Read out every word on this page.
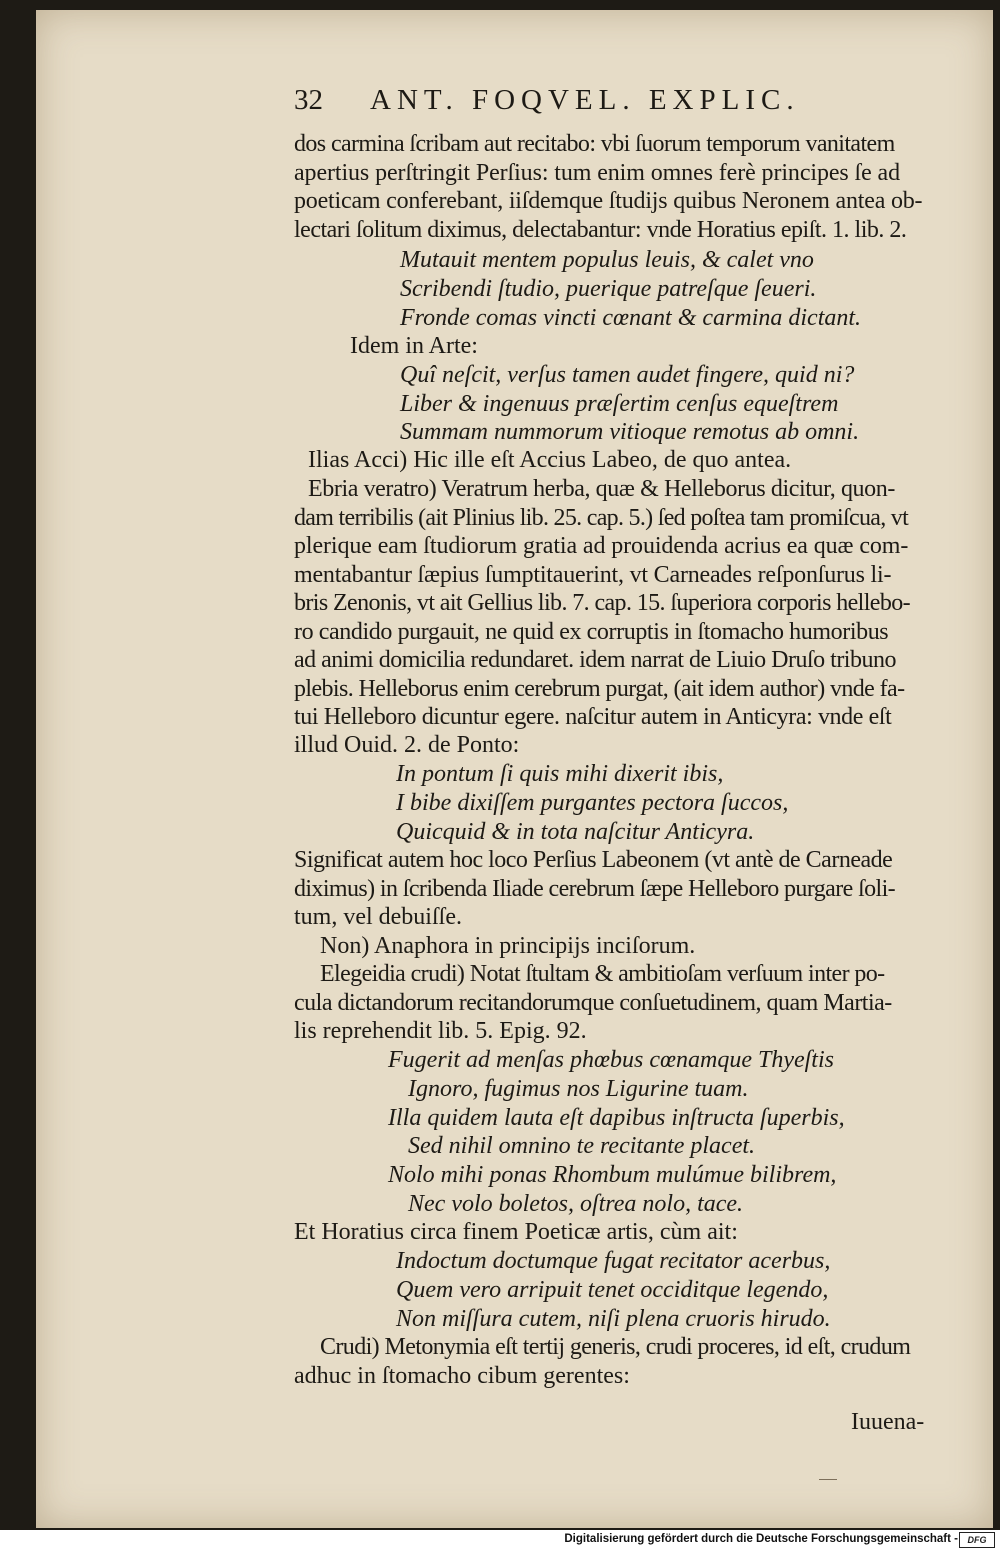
32 ANT. FOQVEL. EXPLIC.
dos carmina ſcribam aut recitabo: vbi ſuorum temporum vanitatem
apertius perſtringit Perſius: tum enim omnes ferè principes ſe ad
poeticam conferebant, iiſdemque ſtudijs quibus Neronem antea ob-
lectari ſolitum diximus, delectabantur: vnde Horatius epiſt. 1. lib. 2.
Mutauit mentem populus leuis, & calet vno
Scribendi ſtudio, puerique patreſque ſeueri.
Fronde comas vincti cœnant & carmina dictant.
Idem in Arte:
Quî neſcit, verſus tamen audet fingere, quid ni?
Liber & ingenuus præſertim cenſus equeſtrem
Summam nummorum vitioque remotus ab omni.
Ilias Acci) Hic ille eſt Accius Labeo, de quo antea.
Ebria veratro) Veratrum herba, quæ & Helleborus dicitur, quon-
dam terribilis (ait Plinius lib. 25. cap. 5.) ſed poſtea tam promiſcua, vt
plerique eam ſtudiorum gratia ad prouidenda acrius ea quæ com-
mentabantur ſæpius ſumptitauerint, vt Carneades reſponſurus li-
bris Zenonis, vt ait Gellius lib. 7. cap. 15. ſuperiora corporis hellebo-
ro candido purgauit, ne quid ex corruptis in ſtomacho humoribus
ad animi domicilia redundaret. idem narrat de Liuio Druſo tribuno
plebis. Helleborus enim cerebrum purgat, (ait idem author) vnde fa-
tui Helleboro dicuntur egere. naſcitur autem in Anticyra: vnde eſt
illud Ouid. 2. de Ponto:
In pontum ſi quis mihi dixerit ibis,
I bibe dixiſſem purgantes pectora ſuccos,
Quicquid & in tota naſcitur Anticyra.
Significat autem hoc loco Perſius Labeonem (vt antè de Carneade
diximus) in ſcribenda Iliade cerebrum ſæpe Helleboro purgare ſoli-
tum, vel debuiſſe.
Non) Anaphora in principijs inciſorum.
Elegeidia crudi) Notat ſtultam & ambitioſam verſuum inter po-
cula dictandorum recitandorumque conſuetudinem, quam Martia-
lis reprehendit lib. 5. Epig. 92.
Fugerit ad menſas phœbus cœnamque Thyeſtis
Ignoro, fugimus nos Ligurine tuam.
Illa quidem lauta eſt dapibus inſtructa ſuperbis,
Sed nihil omnino te recitante placet.
Nolo mihi ponas Rhombum mulúmue bilibrem,
Nec volo boletos, oſtrea nolo, tace.
Et Horatius circa finem Poeticæ artis, cùm ait:
Indoctum doctumque fugat recitator acerbus,
Quem vero arripuit tenet occiditque legendo,
Non miſſura cutem, niſi plena cruoris hirudo.
Crudi) Metonymia eſt tertij generis, crudi proceres, id eſt, crudum
adhuc in ſtomacho cibum gerentes:
Iuuena-
Digitalisierung gefördert durch die Deutsche Forschungsgemeinschaft -	DFG
